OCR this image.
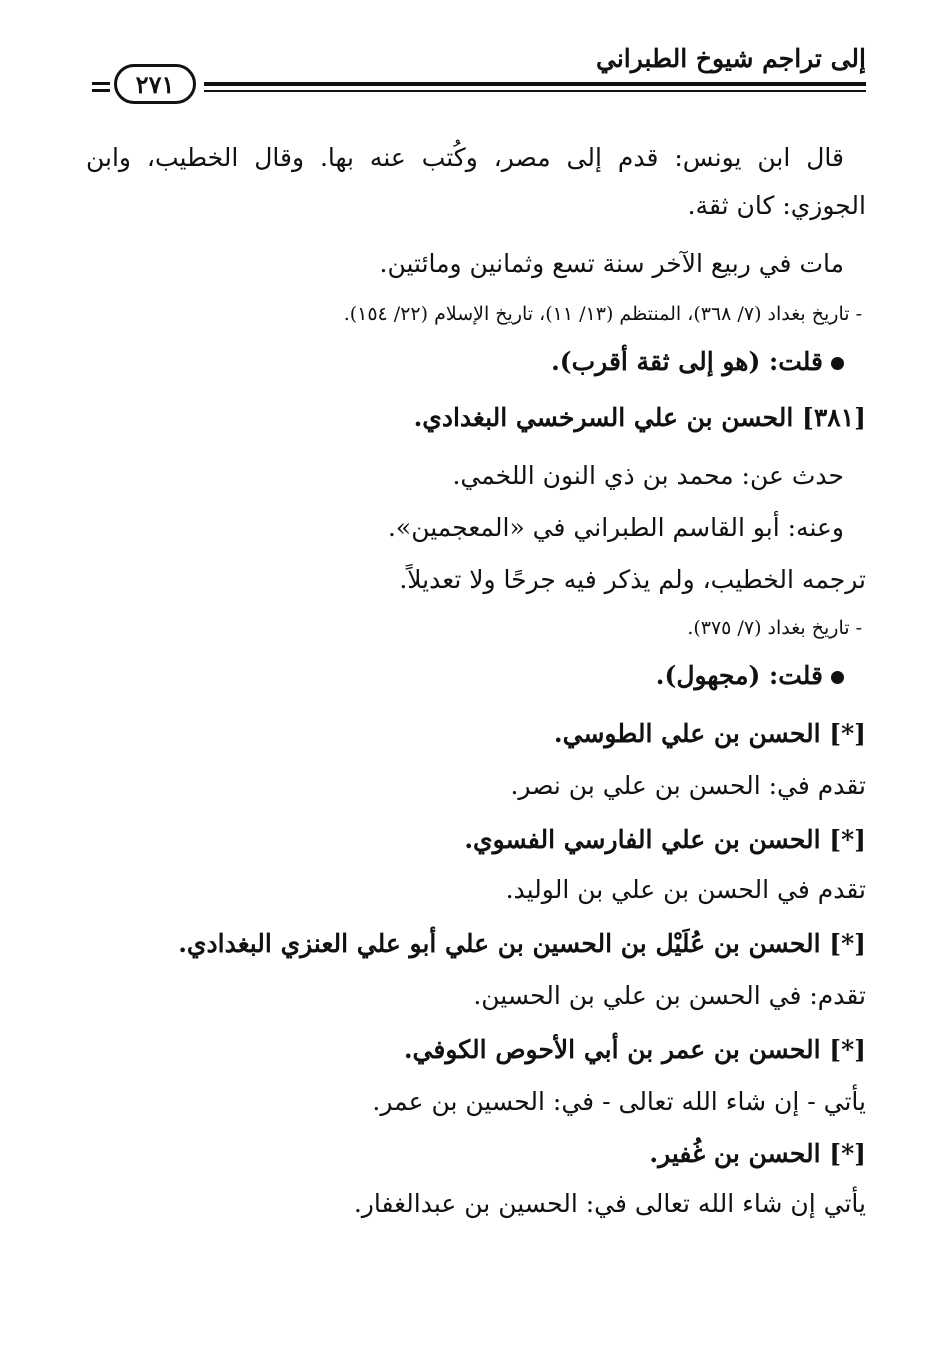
إلى تراجم شيوخ الطبراني
٢٧١
قال ابن يونس: قدم إلى مصر، وكُتب عنه بها. وقال الخطيب، وابن
الجوزي: كان ثقة.
مات في ربيع الآخر سنة تسع وثمانين ومائتين.
- تاريخ بغداد (٧/ ٣٦٨)، المنتظم (١٣/ ١١)، تاريخ الإسلام (٢٢/ ١٥٤).
قلت: (هو إلى ثقة أقرب).
[٣٨١] الحسن بن علي السرخسي البغدادي.
حدث عن: محمد بن ذي النون اللخمي.
وعنه: أبو القاسم الطبراني في «المعجمين».
ترجمه الخطيب، ولم يذكر فيه جرحًا ولا تعديلاً.
- تاريخ بغداد (٧/ ٣٧٥).
قلت: (مجهول).
[*] الحسن بن علي الطوسي.
تقدم في: الحسن بن علي بن نصر.
[*] الحسن بن علي الفارسي الفسوي.
تقدم في الحسن بن علي بن الوليد.
[*] الحسن بن عُلَيْل بن الحسين بن علي أبو علي العنزي البغدادي.
تقدم: في الحسن بن علي بن الحسين.
[*] الحسن بن عمر بن أبي الأحوص الكوفي.
يأتي - إن شاء الله تعالى - في: الحسين بن عمر.
[*] الحسن بن غُفير.
يأتي إن شاء الله تعالى في: الحسين بن عبدالغفار.
